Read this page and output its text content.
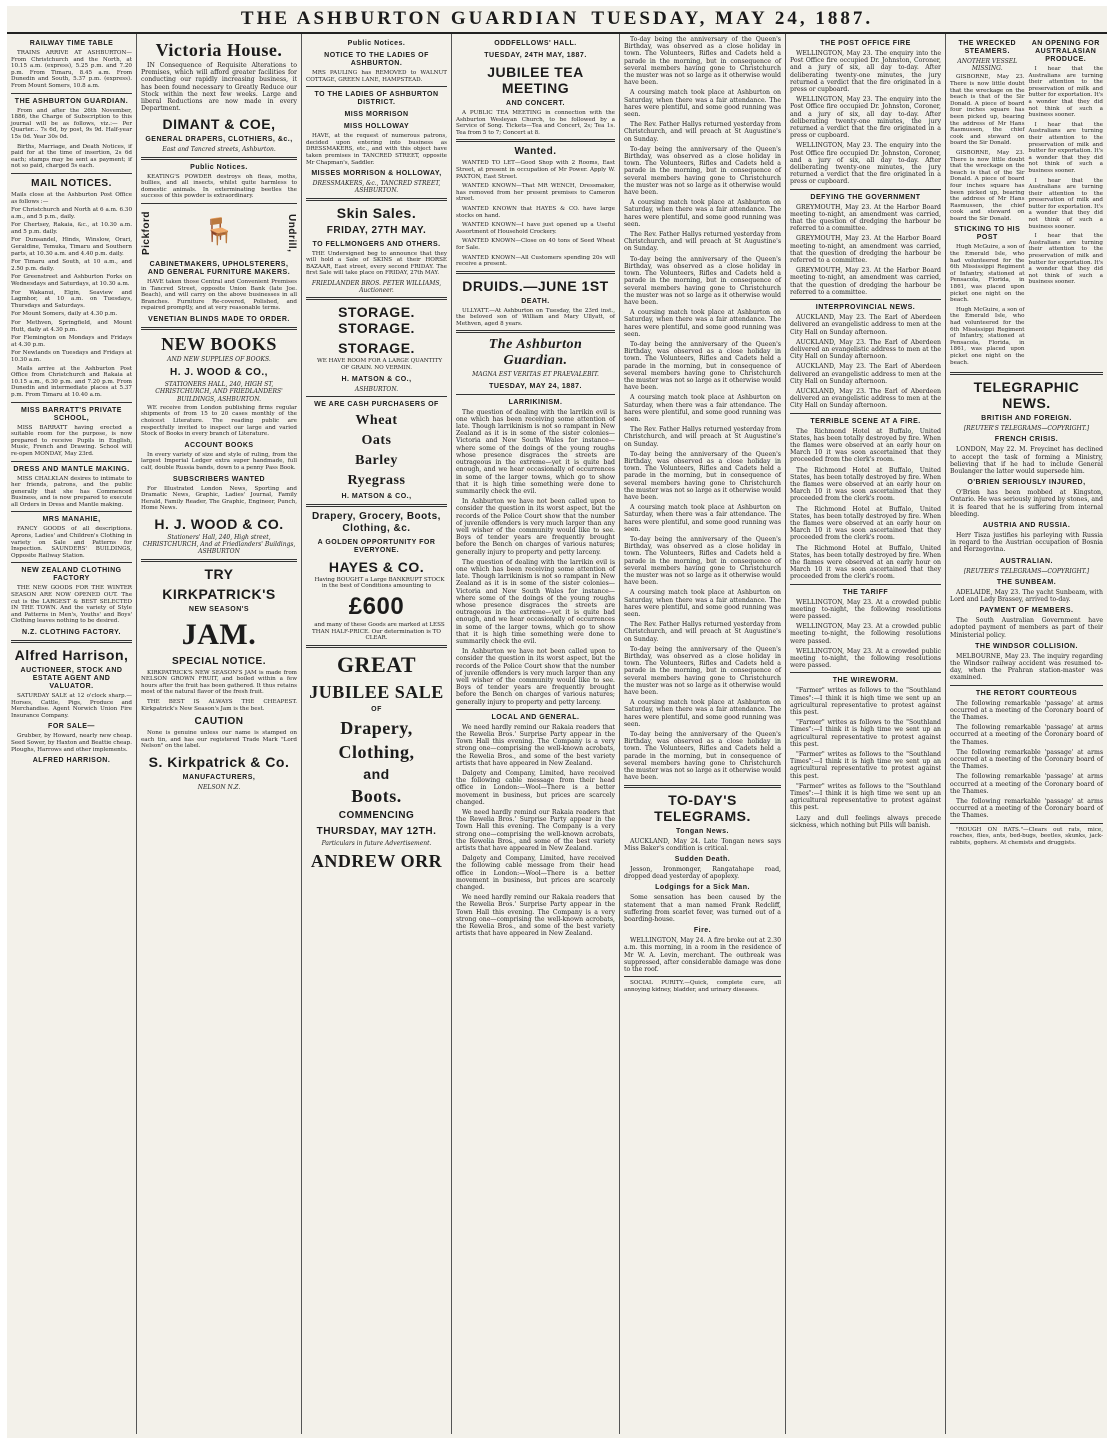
THE ASHBURTON GUARDIAN TUESDAY, MAY 24, 1887.
RAILWAY TIME TABLE
TRAINS ARRIVE AT ASHBURTON—From Christchurch and the North, at 10.15 a.m. (express), 5.25 p.m. and 7.20 p.m. From Timaru, 8.45 a.m. From Dunedin and South, 5.37 p.m. (express). From Mount Somers, 10.8 a.m.
THE ASHBURTON GUARDIAN.
From and after the 26th November, 1886, the Charge of Subscription to this journal will be as follows, viz.:— Per Quarter... 7s 6d, by post, 9s 9d. Half-year 15s 0d. Year 30s 0d.
Births, Marriage, and Death Notices, if paid for at the time of insertion, 2s 6d each; stamps may be sent as payment; if not so paid, charged 5s each.
MAIL NOTICES.
Mails close at the Ashburton Post Office as follows :—
For Christchurch and North at 6 a.m. 6.30 a.m., and 5 p.m., daily.
For Chertsey, Rakaia, &c., at 10.30 a.m. and 5 p.m. daily.
For Dunsandel, Hinds, Winslow, Orari, Geraldine, Temuka, Timaru and Southern parts, at 10.30 a.m. and 4.40 p.m. daily.
For Timaru and South, at 10 a.m., and 2.50 p.m. daily.
For Greenstreet and Ashburton Forks on Wednesdays and Saturdays, at 10.30 a.m.
For Wakanui, Elgin, Seaview and Lagmhor, at 10 a.m. on Tuesdays, Thursdays and Saturdays.
For Mount Somers, daily at 4.30 p.m.
For Methven, Springfield, and Mount Hutt, daily at 4.30 p.m.
For Flemington on Mondays and Fridays at 4.30 p.m.
For Newlands on Tuesdays and Fridays at 10.30 a.m.
Mails arrive at the Ashburton Post Office from Christchurch and Rakaia at 10.15 a.m., 6.30 p.m. and 7.20 p.m. From Dunedin and intermediate places at 5.37 p.m. From Timaru at 10.40 a.m.
MISS BARRATT'S PRIVATE SCHOOL,
MISS BARRATT having erected a suitable room for the purpose, is now prepared to receive Pupils in English, Music, French and Drawing. School will re-open MONDAY, May 23rd.
DRESS AND MANTLE MAKING.
MISS CHALKLAN desires to intimate to her friends, patrons, and the public generally that she has Commenced Business, and is now prepared to execute all Orders in Dress and Mantle making.
MRS MANAHIE,
FANCY GOODS of all descriptions. Aprons, Ladies' and Children's Clothing in variety on Sale and Patterns for Inspection. SAUNDERS' BUILDINGS, Opposite Railway Station.
NEW ZEALAND CLOTHING FACTORY
THE NEW GOODS FOR THE WINTER SEASON ARE NOW OPENED OUT. The cut is the LARGEST & BEST SELECTED IN THE TOWN. And the variety of Style and Patterns in Men's, Youths' and Boys' Clothing leaves nothing to be desired.
N.Z. CLOTHING FACTORY.
Alfred Harrison,
AUCTIONEER, STOCK AND ESTATE AGENT AND VALUATOR.
SATURDAY SALE at 12 o'clock sharp.—Horses, Cattle, Pigs, Produce and Merchandise. Agent Norwich Union Fire Insurance Company.
FOR SALE—
Grubber, by Howard, nearly new cheap. Seed Sower, by Haxton and Beattie cheap. Ploughs, Harrows and other implements.
ALFRED HARRISON.
Victoria House.
IN Consequence of Requisite Alterations to Premises, which will afford greater facilities for conducting our rapidly increasing business, it has been found necessary to Greatly Reduce our Stock within the next few weeks. Large and liberal Reductions are now made in every Department.
DIMANT & COE,
GENERAL DRAPERS, CLOTHIERS, &c.,
East and Tancred streets, Ashburton.
Public Notices.
KEATING'S POWDER destroys oh fleas, moths, bullies, and all insects, whilst quite harmless to domestic animals. In exterminating beetles the success of this powder is extraordinary.
Pickford 🪑	Undrill,
CABINETMAKERS, UPHOLSTERERS, AND GENERAL FURNITURE MAKERS.
HAVE taken those Central and Convenient Premises in Tancred Street, opposite Union Bank (late Joe. Beach), and will carry on the above businesses in all Branches. Furniture Re-covered, Polished, and repaired promptly, and at very reasonable terms.
VENETIAN BLINDS MADE TO ORDER.
NEW BOOKS
AND NEW SUPPLIES OF BOOKS.
H. J. WOOD & CO.,
STATIONERS HALL, 240, HIGH ST, CHRISTCHURCH, AND FRIEDLANDERS' BUILDINGS, ASHBURTON.
WE receive from London publishing firms regular shipments of from 15 to 20 cases monthly of the choicest Literature. The reading public are respectfully invited to inspect our large and varied Stock of Books in every branch of Literature.
ACCOUNT BOOKS
In every variety of size and style of ruling, from the largest Imperial Ledger extra super handmade, full calf, double Russia bands, down to a penny Pass Book.
SUBSCRIBERS WANTED
For Illustrated London News, Sporting and Dramatic News, Graphic, Ladies' Journal, Family Herald, Family Reader, The Graphic, Engineer, Punch, Home News.
H. J. WOOD & CO.
Stationers' Hall, 240, High street, CHRISTCHURCH, And at Friedlanders' Buildings, ASHBURTON
TRY
KIRKPATRICK'S
NEW SEASON'S
JAM.
SPECIAL NOTICE.
KIRKPATRICK'S NEW SEASON'S JAM is made from NELSON GROWN FRUIT, and boiled within a few hours after the fruit has been gathered. It thus retains most of the natural flavor of the fresh fruit.
THE BEST IS ALWAYS THE CHEAPEST. Kirkpatrick's New Season's Jam is the best.
CAUTION
None is genuine unless our name is stamped on each tin, and has our registered Trade Mark "Lord Nelson" on the label.
S. Kirkpatrick & Co.
MANUFACTURERS,
NELSON N.Z.
Public Notices.
NOTICE TO THE LADIES OF ASHBURTON.
MRS PAULING has REMOVED to WALNUT COTTAGE, GREEN LANE, HAMPSTEAD.
TO THE LADIES OF ASHBURTON DISTRICT.
MISS MORRISON
MISS HOLLOWAY
HAVE, at the request of numerous patrons, decided upon entering into business as DRESSMAKERS, etc., and with this object have taken premises in TANCRED STREET, opposite Mr Chapman's, Saddler.
MISSES MORRISON & HOLLOWAY,
DRESSMAKERS, &c., TANCRED STREET, ASHBURTON.
Skin Sales.
FRIDAY, 27TH MAY.
TO FELLMONGERS AND OTHERS.
THE Undersigned beg to announce that they will hold a Sale of SKINS at their HORSE BAZAAR, East street, every second FRIDAY. The first Sale will take place on FRIDAY, 27th MAY.
FRIEDLANDER BROS. PETER WILLIAMS, Auctioneer.
STORAGE. STORAGE.
STORAGE.
WE HAVE ROOM FOR A LARGE QUANTITY OF GRAIN. NO VERMIN.
H. MATSON & CO.,
ASHBURTON.
WE ARE CASH PURCHASERS OF
Wheat
Oats
Barley
Ryegrass
H. MATSON & CO.,
Drapery, Grocery, Boots, Clothing, &c.
A GOLDEN OPPORTUNITY FOR EVERYONE.
HAYES & CO.
Having BOUGHT a Large BANKRUPT STOCK in the best of Conditions amounting to
£600
and many of these Goods are marked at LESS THAN HALF-PRICE. Our determination is TO CLEAR.
GREAT
JUBILEE SALE
OF
Drapery,
Clothing,
and
Boots.
COMMENCING
THURSDAY, MAY 12TH.
Particulars in future Advertisement.
ANDREW ORR
ODDFELLOWS' HALL.
TUESDAY, 24TH MAY, 1887.
JUBILEE TEA MEETING
AND CONCERT.
A PUBLIC TEA MEETING in connection with the Ashburton Wesleyan Church, to be followed by a Service of Song. Tickets—Tea and Concert, 2s; Tea 1s. Tea from 5 to 7; Concert at 8.
Wanted.
WANTED TO LET—Good Shop with 2 Rooms, East Street, at present in occupation of Mr Power. Apply W. PAXTON, East Street.
WANTED KNOWN—That MR WENCH, Dressmaker, has removed from her present premises to Cameron street.
WANTED KNOWN that HAYES & CO. have large stocks on hand.
WANTED KNOWN—I have just opened up a Useful Assortment of Household Crockery.
WANTED KNOWN—Close on 40 tons of Seed Wheat for Sale.
WANTED KNOWN—All Customers spending 20s will receive a present.
DRUIDS.—JUNE 1ST
DEATH.
ULLYATT.—At Ashburton on Tuesday, the 23rd inst., the beloved son of William and Mary Ullyatt, of Methven, aged 8 years.
The Ashburton Guardian.
MAGNA EST VERITAS ET PRAEVALEBIT.
TUESDAY, MAY 24, 1887.
LARRIKINISM.
The question of dealing with the larrikin evil is one which has been receiving some attention of late. Though larrikinism is not so rampant in New Zealand as it is in some of the sister colonies—Victoria and New South Wales for instance—where some of the doings of the young roughs whose presence disgraces the streets are outrageous in the extreme—yet it is quite bad enough, and we hear occasionally of occurrences in some of the larger towns, which go to show that it is high time something were done to summarily check the evil.
In Ashburton we have not been called upon to consider the question in its worst aspect, but the records of the Police Court show that the number of juvenile offenders is very much larger than any well wisher of the community would like to see. Boys of tender years are frequently brought before the Bench on charges of various natures; generally injury to property and petty larceny.
The question of dealing with the larrikin evil is one which has been receiving some attention of late. Though larrikinism is not so rampant in New Zealand as it is in some of the sister colonies—Victoria and New South Wales for instance—where some of the doings of the young roughs whose presence disgraces the streets are outrageous in the extreme—yet it is quite bad enough, and we hear occasionally of occurrences in some of the larger towns, which go to show that it is high time something were done to summarily check the evil.
In Ashburton we have not been called upon to consider the question in its worst aspect, but the records of the Police Court show that the number of juvenile offenders is very much larger than any well wisher of the community would like to see. Boys of tender years are frequently brought before the Bench on charges of various natures; generally injury to property and petty larceny.
LOCAL AND GENERAL.
We need hardly remind our Rakaia readers that the Rewelia Bros.' Surprise Party appear in the Town Hall this evening. The Company is a very strong one—comprising the well-known acrobats, the Rewelia Bros., and some of the best variety artists that have appeared in New Zealand.
Dalgety and Company, Limited, have received the following cable message from their head office in London:—Wool—There is a better movement in business, but prices are scarcely changed.
We need hardly remind our Rakaia readers that the Rewelia Bros.' Surprise Party appear in the Town Hall this evening. The Company is a very strong one—comprising the well-known acrobats, the Rewelia Bros., and some of the best variety artists that have appeared in New Zealand.
Dalgety and Company, Limited, have received the following cable message from their head office in London:—Wool—There is a better movement in business, but prices are scarcely changed.
We need hardly remind our Rakaia readers that the Rewelia Bros.' Surprise Party appear in the Town Hall this evening. The Company is a very strong one—comprising the well-known acrobats, the Rewelia Bros., and some of the best variety artists that have appeared in New Zealand.
To-day being the anniversary of the Queen's Birthday, was observed as a close holiday in town. The Volunteers, Rifles and Cadets held a parade in the morning, but in consequence of several members having gone to Christchurch the muster was not so large as it otherwise would have been.
A coursing match took place at Ashburton on Saturday, when there was a fair attendance. The hares were plentiful, and some good running was seen.
The Rev. Father Hallys returned yesterday from Christchurch, and will preach at St Augustine's on Sunday.
To-day being the anniversary of the Queen's Birthday, was observed as a close holiday in town. The Volunteers, Rifles and Cadets held a parade in the morning, but in consequence of several members having gone to Christchurch the muster was not so large as it otherwise would have been.
A coursing match took place at Ashburton on Saturday, when there was a fair attendance. The hares were plentiful, and some good running was seen.
The Rev. Father Hallys returned yesterday from Christchurch, and will preach at St Augustine's on Sunday.
To-day being the anniversary of the Queen's Birthday, was observed as a close holiday in town. The Volunteers, Rifles and Cadets held a parade in the morning, but in consequence of several members having gone to Christchurch the muster was not so large as it otherwise would have been.
A coursing match took place at Ashburton on Saturday, when there was a fair attendance. The hares were plentiful, and some good running was seen.
To-day being the anniversary of the Queen's Birthday, was observed as a close holiday in town. The Volunteers, Rifles and Cadets held a parade in the morning, but in consequence of several members having gone to Christchurch the muster was not so large as it otherwise would have been.
A coursing match took place at Ashburton on Saturday, when there was a fair attendance. The hares were plentiful, and some good running was seen.
The Rev. Father Hallys returned yesterday from Christchurch, and will preach at St Augustine's on Sunday.
To-day being the anniversary of the Queen's Birthday, was observed as a close holiday in town. The Volunteers, Rifles and Cadets held a parade in the morning, but in consequence of several members having gone to Christchurch the muster was not so large as it otherwise would have been.
A coursing match took place at Ashburton on Saturday, when there was a fair attendance. The hares were plentiful, and some good running was seen.
To-day being the anniversary of the Queen's Birthday, was observed as a close holiday in town. The Volunteers, Rifles and Cadets held a parade in the morning, but in consequence of several members having gone to Christchurch the muster was not so large as it otherwise would have been.
A coursing match took place at Ashburton on Saturday, when there was a fair attendance. The hares were plentiful, and some good running was seen.
The Rev. Father Hallys returned yesterday from Christchurch, and will preach at St Augustine's on Sunday.
To-day being the anniversary of the Queen's Birthday, was observed as a close holiday in town. The Volunteers, Rifles and Cadets held a parade in the morning, but in consequence of several members having gone to Christchurch the muster was not so large as it otherwise would have been.
A coursing match took place at Ashburton on Saturday, when there was a fair attendance. The hares were plentiful, and some good running was seen.
To-day being the anniversary of the Queen's Birthday, was observed as a close holiday in town. The Volunteers, Rifles and Cadets held a parade in the morning, but in consequence of several members having gone to Christchurch the muster was not so large as it otherwise would have been.
TO-DAY'S TELEGRAMS.
Tongan News.
AUCKLAND, May 24. Late Tongan news says Miss Baker's condition is critical.
Sudden Death.
Jesson, Ironmonger, Rangatahape road, dropped dead yesterday of apoplexy.
Lodgings for a Sick Man.
Some sensation has been caused by the statement that a man named Frank Redcliff, suffering from scarlet fever, was turned out of a boarding-house.
Fire.
WELLINGTON, May 24. A fire broke out at 2.30 a.m. this morning, in a room in the residence of Mr W. A. Levin, merchant. The outbreak was suppressed, after considerable damage was done to the roof.
SOCIAL PURITY.—Quick, complete cure, all annoying kidney, bladder, and urinary diseases.
THE POST OFFICE FIRE
WELLINGTON, May 23. The enquiry into the Post Office fire occupied Dr. Johnston, Coroner, and a jury of six, all day to-day. After deliberating twenty-one minutes, the jury returned a verdict that the fire originated in a press or cupboard.
WELLINGTON, May 23. The enquiry into the Post Office fire occupied Dr. Johnston, Coroner, and a jury of six, all day to-day. After deliberating twenty-one minutes, the jury returned a verdict that the fire originated in a press or cupboard.
WELLINGTON, May 23. The enquiry into the Post Office fire occupied Dr. Johnston, Coroner, and a jury of six, all day to-day. After deliberating twenty-one minutes, the jury returned a verdict that the fire originated in a press or cupboard.
DEFYING THE GOVERNMENT
GREYMOUTH, May 23. At the Harbor Board meeting to-night, an amendment was carried, that the question of dredging the harbour be referred to a committee.
GREYMOUTH, May 23. At the Harbor Board meeting to-night, an amendment was carried, that the question of dredging the harbour be referred to a committee.
GREYMOUTH, May 23. At the Harbor Board meeting to-night, an amendment was carried, that the question of dredging the harbour be referred to a committee.
INTERPROVINCIAL NEWS.
AUCKLAND, May 23. The Earl of Aberdeen delivered an evangelistic address to men at the City Hall on Sunday afternoon.
AUCKLAND, May 23. The Earl of Aberdeen delivered an evangelistic address to men at the City Hall on Sunday afternoon.
AUCKLAND, May 23. The Earl of Aberdeen delivered an evangelistic address to men at the City Hall on Sunday afternoon.
AUCKLAND, May 23. The Earl of Aberdeen delivered an evangelistic address to men at the City Hall on Sunday afternoon.
TERRIBLE SCENE AT A FIRE.
The Richmond Hotel at Buffalo, United States, has been totally destroyed by fire. When the flames were observed at an early hour on March 10 it was soon ascertained that they proceeded from the clerk's room.
The Richmond Hotel at Buffalo, United States, has been totally destroyed by fire. When the flames were observed at an early hour on March 10 it was soon ascertained that they proceeded from the clerk's room.
The Richmond Hotel at Buffalo, United States, has been totally destroyed by fire. When the flames were observed at an early hour on March 10 it was soon ascertained that they proceeded from the clerk's room.
The Richmond Hotel at Buffalo, United States, has been totally destroyed by fire. When the flames were observed at an early hour on March 10 it was soon ascertained that they proceeded from the clerk's room.
THE TARIFF
WELLINGTON, May 23. At a crowded public meeting to-night, the following resolutions were passed.
WELLINGTON, May 23. At a crowded public meeting to-night, the following resolutions were passed.
WELLINGTON, May 23. At a crowded public meeting to-night, the following resolutions were passed.
THE WIREWORM.
"Farmer" writes as follows to the "Southland Times":—I think it is high time we sent up an agricultural representative to protest against this pest.
"Farmer" writes as follows to the "Southland Times":—I think it is high time we sent up an agricultural representative to protest against this pest.
"Farmer" writes as follows to the "Southland Times":—I think it is high time we sent up an agricultural representative to protest against this pest.
"Farmer" writes as follows to the "Southland Times":—I think it is high time we sent up an agricultural representative to protest against this pest.
Lazy and dull feelings always precede sickness, which nothing but Pills will banish.
THE WRECKED STEAMERS.
ANOTHER VESSEL MISSING.
GISBORNE, May 23. There is now little doubt that the wreckage on the beach is that of the Sir Donald. A piece of board four inches square has been picked up, bearing the address of Mr Hans Rasmussen, the chief cook and steward on board the Sir Donald.
GISBORNE, May 23. There is now little doubt that the wreckage on the beach is that of the Sir Donald. A piece of board four inches square has been picked up, bearing the address of Mr Hans Rasmussen, the chief cook and steward on board the Sir Donald.
STICKING TO HIS POST
Hugh McGuire, a son of the Emerald Isle, who had volunteered for the 6th Mississippi Regiment of Infantry, stationed at Pensacola, Florida, in 1861, was placed upon picket one night on the beach.
Hugh McGuire, a son of the Emerald Isle, who had volunteered for the 6th Mississippi Regiment of Infantry, stationed at Pensacola, Florida, in 1861, was placed upon picket one night on the beach.
AN OPENING FOR AUSTRALASIAN PRODUCE.
I hear that the Australians are turning their attention to the preservation of milk and butter for exportation. It's a wonder that they did not think of such a business sooner.
I hear that the Australians are turning their attention to the preservation of milk and butter for exportation. It's a wonder that they did not think of such a business sooner.
I hear that the Australians are turning their attention to the preservation of milk and butter for exportation. It's a wonder that they did not think of such a business sooner.
I hear that the Australians are turning their attention to the preservation of milk and butter for exportation. It's a wonder that they did not think of such a business sooner.
TELEGRAPHIC NEWS.
BRITISH AND FOREIGN.
[REUTER'S TELEGRAMS—COPYRIGHT.]
FRENCH CRISIS.
LONDON, May 22. M. Freycinet has declined to accept the task of forming a Ministry, believing that if he had to include General Boulanger the latter would supersede him.
O'BRIEN SERIOUSLY INJURED,
O'Brien has been mobbed at Kingston, Ontario. He was seriously injured by stones, and it is feared that he is suffering from internal bleeding.
AUSTRIA AND RUSSIA.
Herr Tisza justifies his parleying with Russia in regard to the Austrian occupation of Bosnia and Herzegovina.
AUSTRALIAN.
[REUTER'S TELEGRAMS—COPYRIGHT.]
THE SUNBEAM.
ADELAIDE, May 23. The yacht Sunbeam, with Lord and Lady Brassey, arrived to-day.
PAYMENT OF MEMBERS.
The South Australian Government have adopted payment of members as part of their Ministerial policy.
THE WINDSOR COLLISION.
MELBOURNE, May 23. The inquiry regarding the Windsor railway accident was resumed to-day, when the Prahran station-master was examined.
THE RETORT COURTEOUS
The following remarkable 'passage' at arms occurred at a meeting of the Coronary board of the Thames.
The following remarkable 'passage' at arms occurred at a meeting of the Coronary board of the Thames.
The following remarkable 'passage' at arms occurred at a meeting of the Coronary board of the Thames.
The following remarkable 'passage' at arms occurred at a meeting of the Coronary board of the Thames.
The following remarkable 'passage' at arms occurred at a meeting of the Coronary board of the Thames.
"ROUGH ON RATS."—Clears out rats, mice, roaches, flies, ants, bed-bugs, beetles, skunks, jack-rabbits, gophers. At chemists and druggists.
